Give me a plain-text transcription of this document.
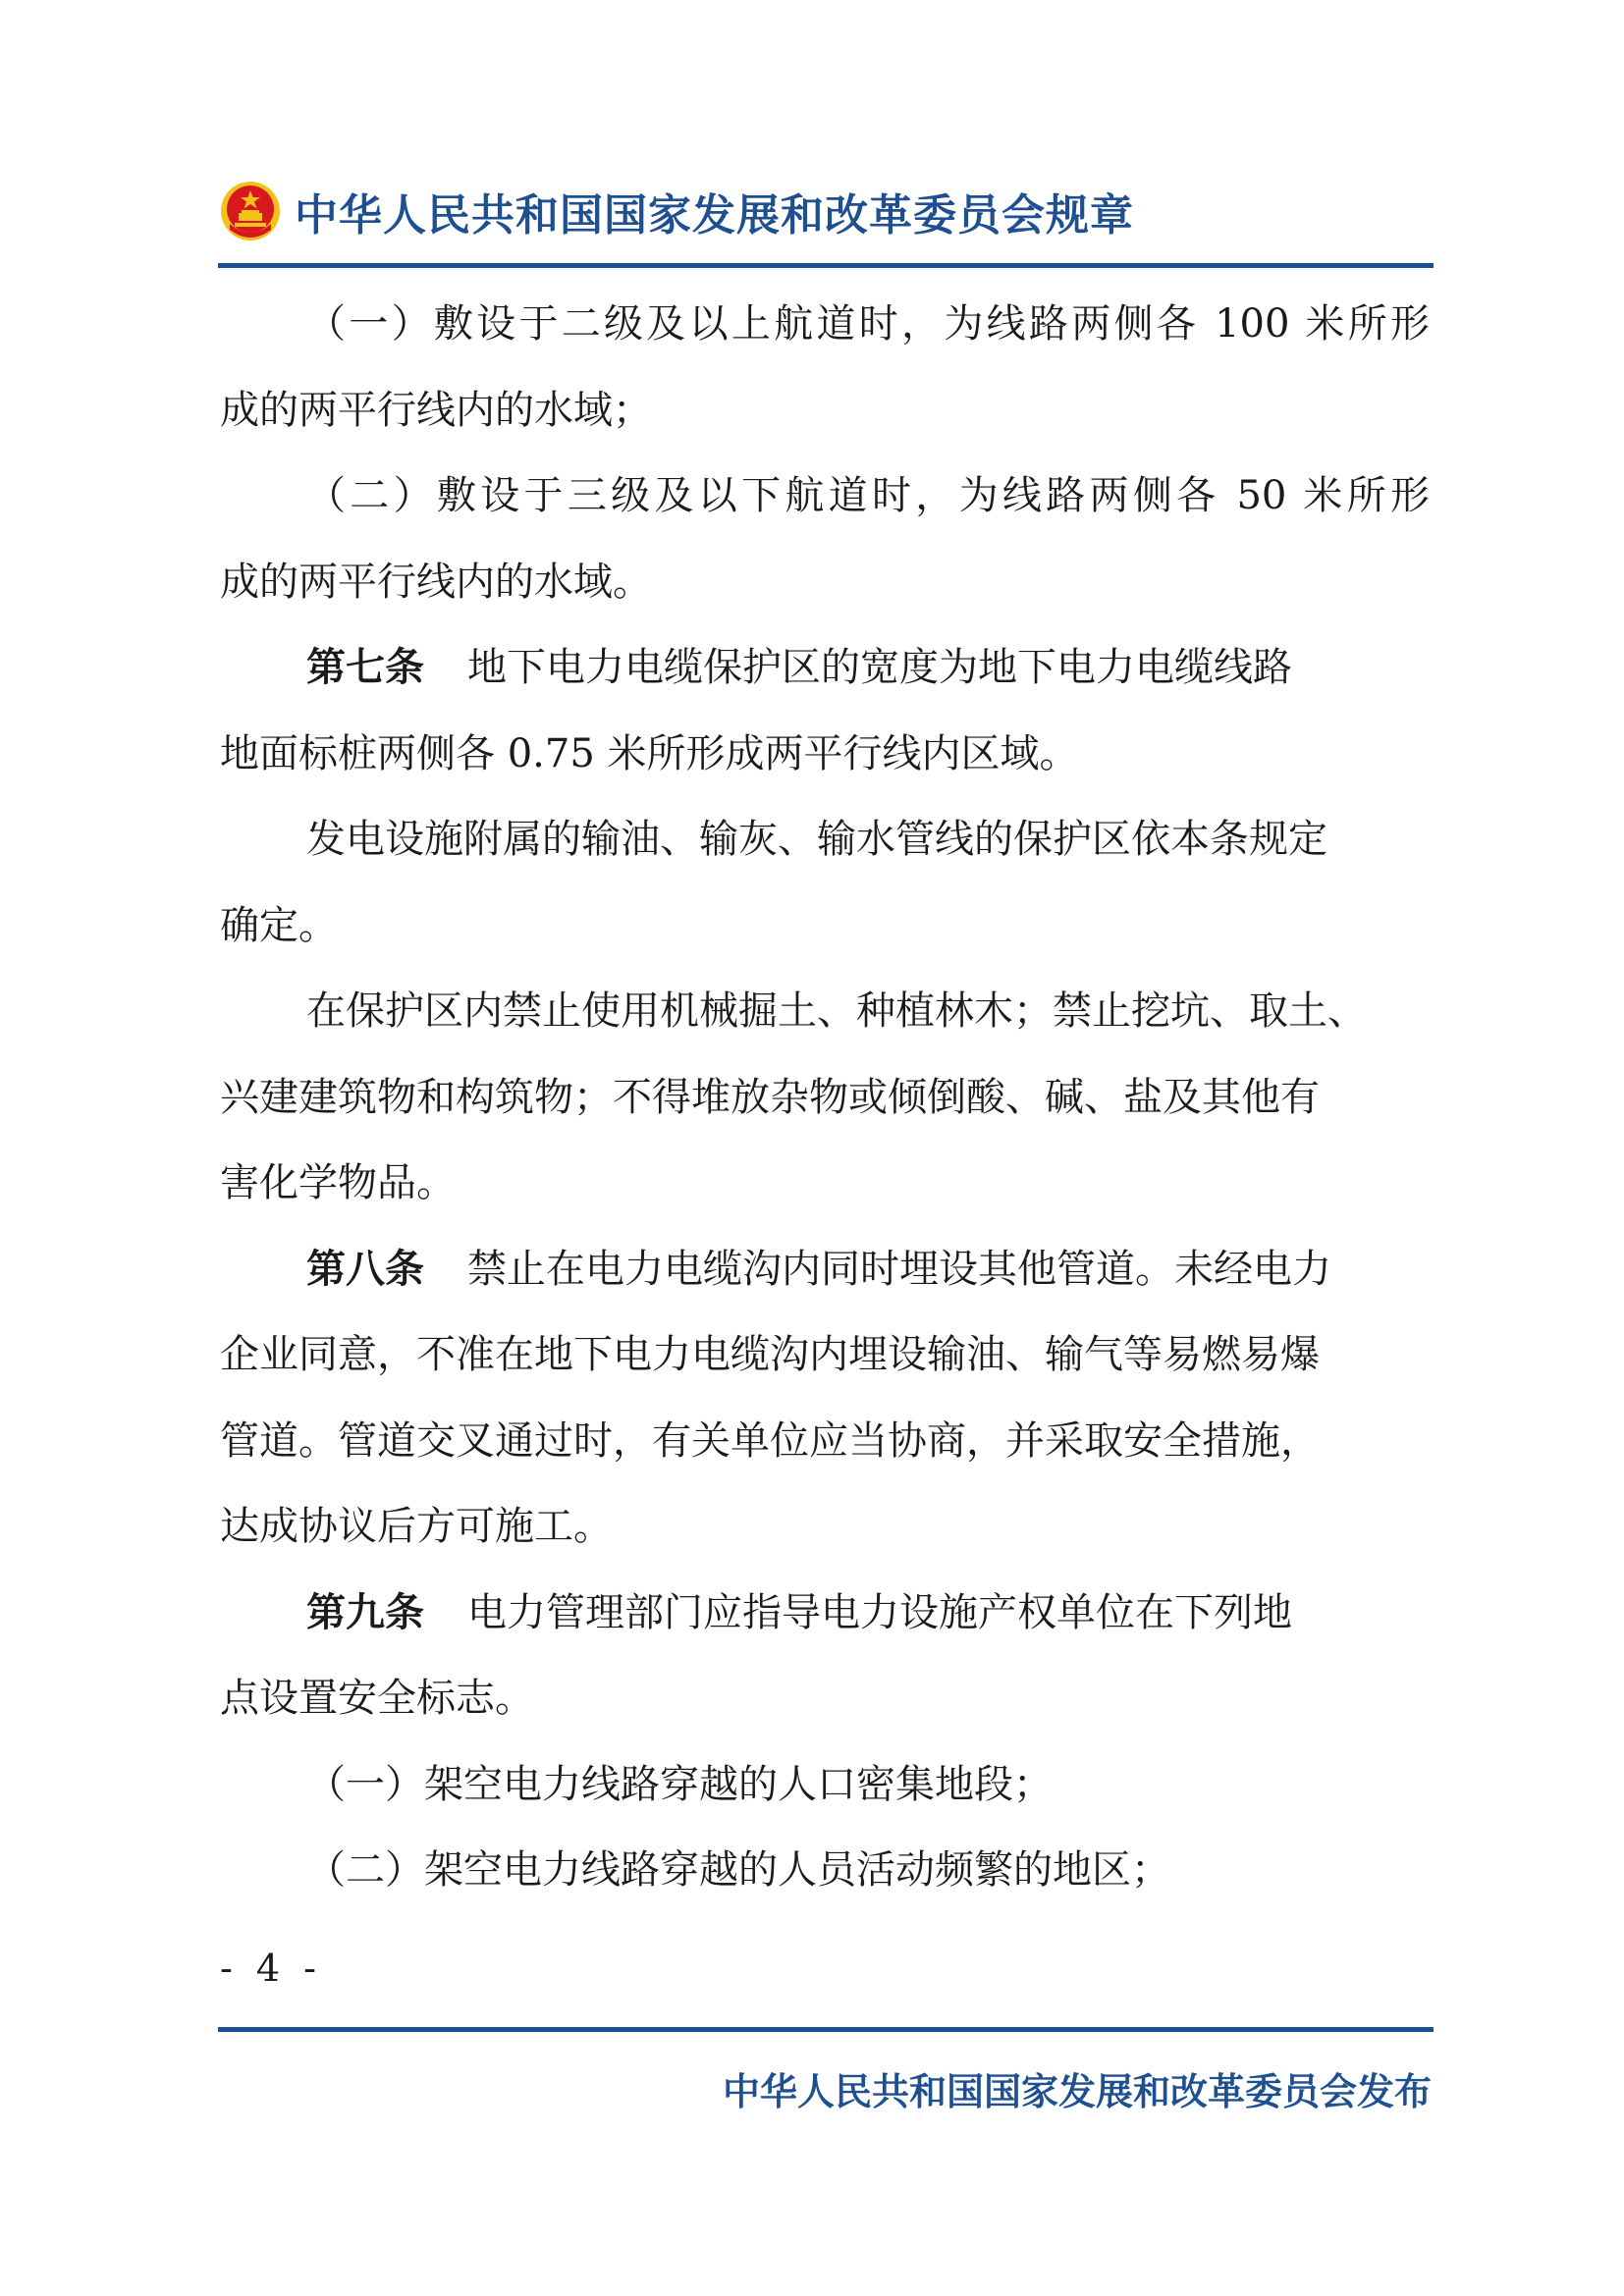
中华人民共和国国家发展和改革委员会规章
（一）敷设于二级及以上航道时，为线路两侧各 100 米所形
成的两平行线内的水域；
（二）敷设于三级及以下航道时，为线路两侧各 50 米所形
成的两平行线内的水域。
第七条 地下电力电缆保护区的宽度为地下电力电缆线路
地面标桩两侧各 0.75 米所形成两平行线内区域。
发电设施附属的输油、输灰、输水管线的保护区依本条规定
确定。
在保护区内禁止使用机械掘土、种植林木；禁止挖坑、取土、
兴建建筑物和构筑物；不得堆放杂物或倾倒酸、碱、盐及其他有
害化学物品。
第八条 禁止在电力电缆沟内同时埋设其他管道。未经电力
企业同意，不准在地下电力电缆沟内埋设输油、输气等易燃易爆
管道。管道交叉通过时，有关单位应当协商，并采取安全措施，
达成协议后方可施工。
第九条 电力管理部门应指导电力设施产权单位在下列地
点设置安全标志。
（一）架空电力线路穿越的人口密集地段；
（二）架空电力线路穿越的人员活动频繁的地区；
- 4 -
中华人民共和国国家发展和改革委员会发布
